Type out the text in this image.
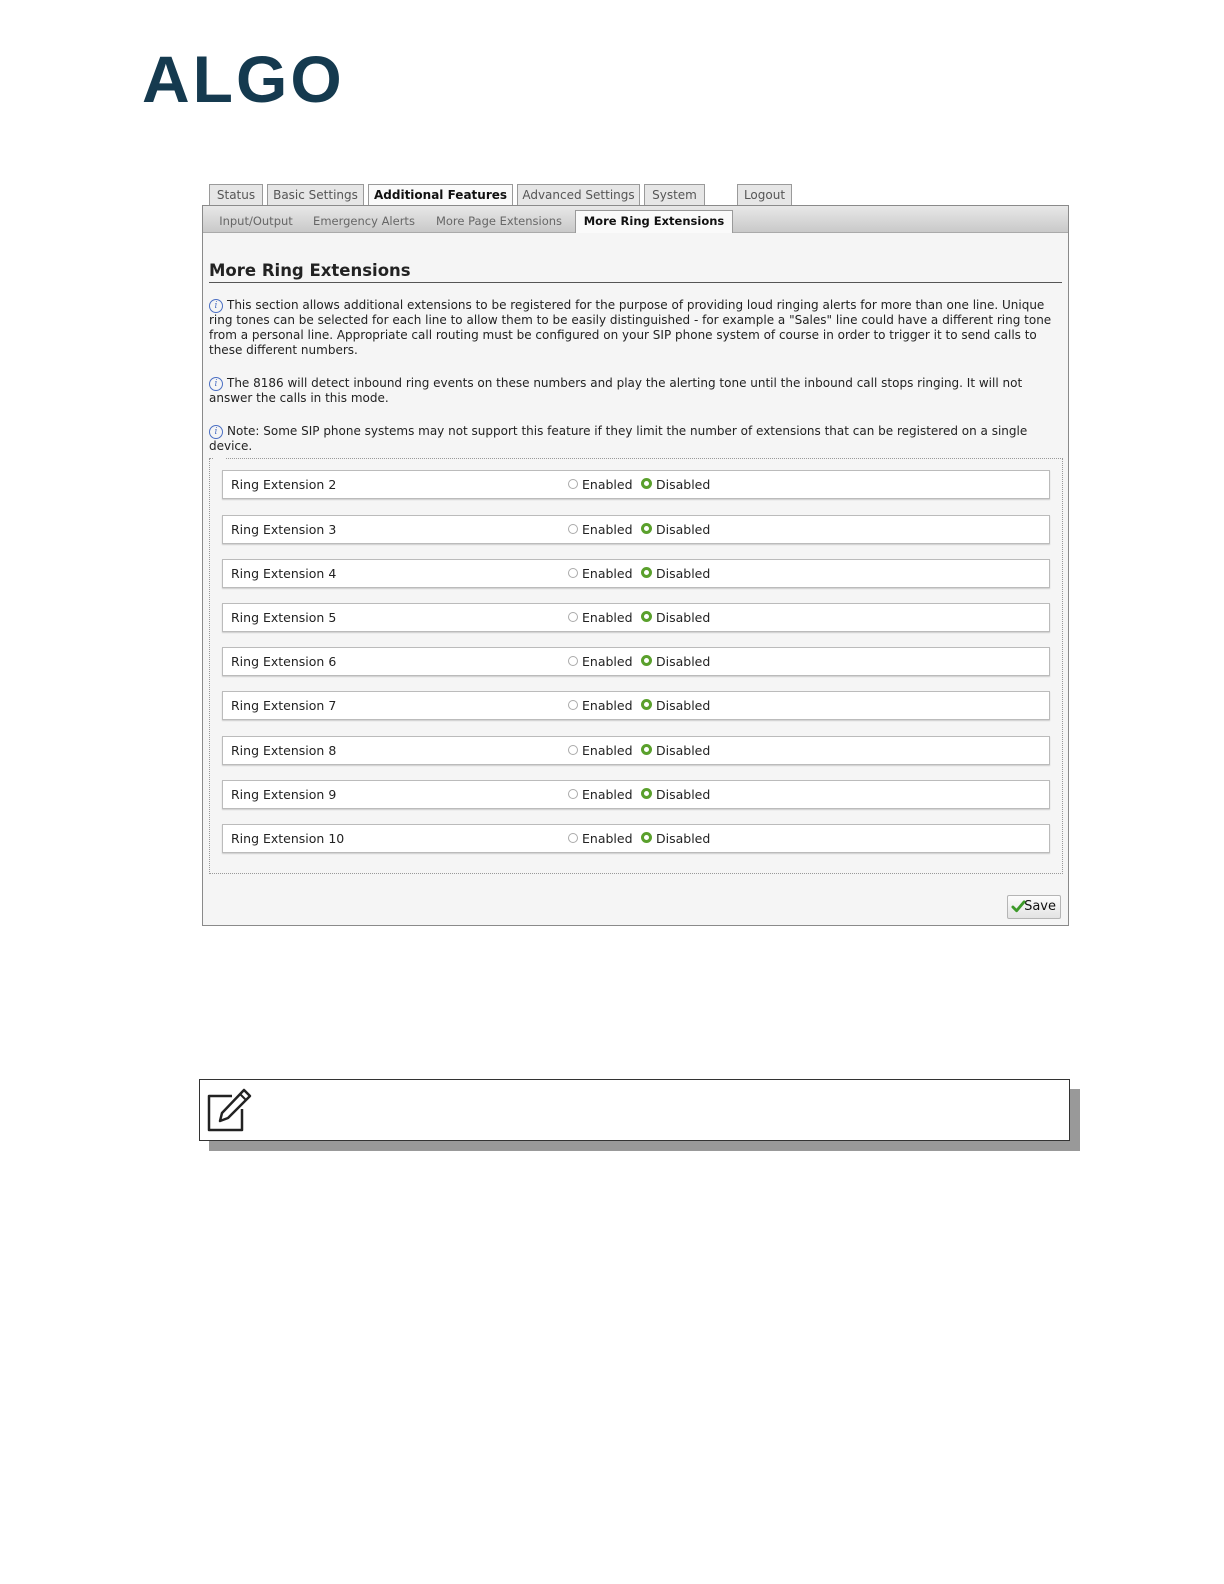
ALGO
Status	Basic Settings	Additional Features	Advanced Settings	System	Logout
Input/Output	Emergency Alerts	More Page Extensions	More Ring Extensions
More Ring Extensions
i This section allows additional extensions to be registered for the purpose of providing loud ringing alerts for more than one line. Unique ring tones can be selected for each line to allow them to be easily distinguished - for example a "Sales" line could have a different ring tone from a personal line. Appropriate call routing must be configured on your SIP phone system of course in order to trigger it to send calls to these different numbers.
i The 8186 will detect inbound ring events on these numbers and play the alerting tone until the inbound call stops ringing. It will not answer the calls in this mode.
i Note: Some SIP phone systems may not support this feature if they limit the number of extensions that can be registered on a single device.
Ring Extension 2	Enabled	Disabled
Ring Extension 3	Enabled	Disabled
Ring Extension 4	Enabled	Disabled
Ring Extension 5	Enabled	Disabled
Ring Extension 6	Enabled	Disabled
Ring Extension 7	Enabled	Disabled
Ring Extension 8	Enabled	Disabled
Ring Extension 9	Enabled	Disabled
Ring Extension 10	Enabled	Disabled
Save
